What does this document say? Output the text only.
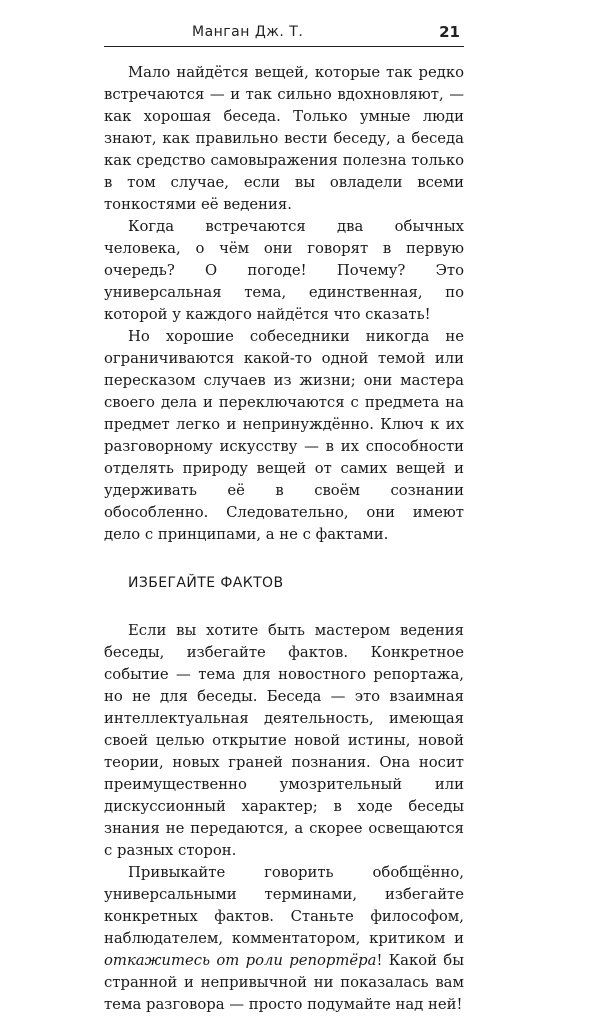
Манган Дж. Т.	21

Мало найдётся вещей, которые так редко встречаются — и так сильно вдохновляют, — как хорошая беседа. Только умные люди знают, как правильно вести беседу, а беседа как средство самовыражения полезна только в том случае, если вы овладели всеми тонкостями её ведения.

Когда встречаются два обычных человека, о чём они говорят в первую очередь? О погоде! Почему? Это универсальная тема, единственная, по которой у каждого найдётся что сказать!

Но хорошие собеседники никогда не ограничиваются какой-то одной темой или пересказом случаев из жизни; они мастера своего дела и переключаются с предмета на предмет легко и непринуждённо. Ключ к их разговорному искусству — в их способности отделять природу вещей от самих вещей и удерживать её в своём сознании обособленно. Следовательно, они имеют дело с принципами, а не с фактами.

ИЗБЕГАЙТЕ ФАКТОВ

Если вы хотите быть мастером ведения беседы, избегайте фактов. Конкретное событие — тема для новостного репортажа, но не для беседы. Беседа — это взаимная интеллектуальная деятельность, имеющая своей целью открытие новой истины, новой теории, новых граней познания. Она носит преимущественно умозрительный или дискуссионный характер; в ходе беседы знания не передаются, а скорее освещаются с разных сторон.

Привыкайте говорить обобщённо, универсальными терминами, избегайте конкретных фактов. Станьте философом, наблюдателем, комментатором, критиком и откажитесь от роли репортёра! Какой бы странной и непривычной ни показалась вам тема разговора — просто подумайте над ней!
